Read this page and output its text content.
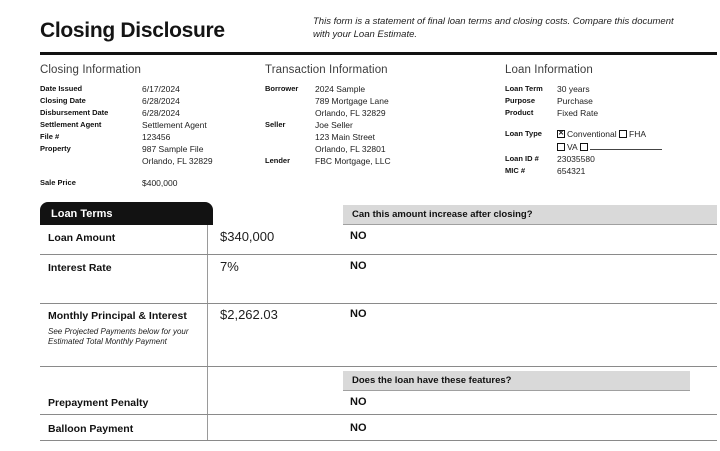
Closing Disclosure	This form is a statement of final loan terms and closing costs. Compare this document with your Loan Estimate.
Closing Information
Date Issued	6/17/2024
Closing Date	6/28/2024
Disbursement Date	6/28/2024
Settlement Agent	Settlement Agent
File #	123456
Property	987 Sample File
Orlando, FL 32829
Sale Price	$400,000
Transaction Information
Borrower	2024 Sample
789 Mortgage Lane
Orlando, FL 32829
Seller	Joe Seller
123 Main Street
Orlando, FL 32801
Lender	FBC Mortgage, LLC
Loan Information
Loan Term	30 years
Purpose	Purchase
Product	Fixed Rate
Loan Type	✕ Conventional FHA
VA
Loan ID #	23035580
MIC #	654321
Loan Terms	Can this amount increase after closing?
Loan Amount	$340,000	NO
Interest Rate	7%	NO
Monthly Principal & Interest
See Projected Payments below for your Estimated Total Monthly Payment
$2,262.03	NO
Does the loan have these features?
Prepayment Penalty	NO
Balloon Payment	NO
